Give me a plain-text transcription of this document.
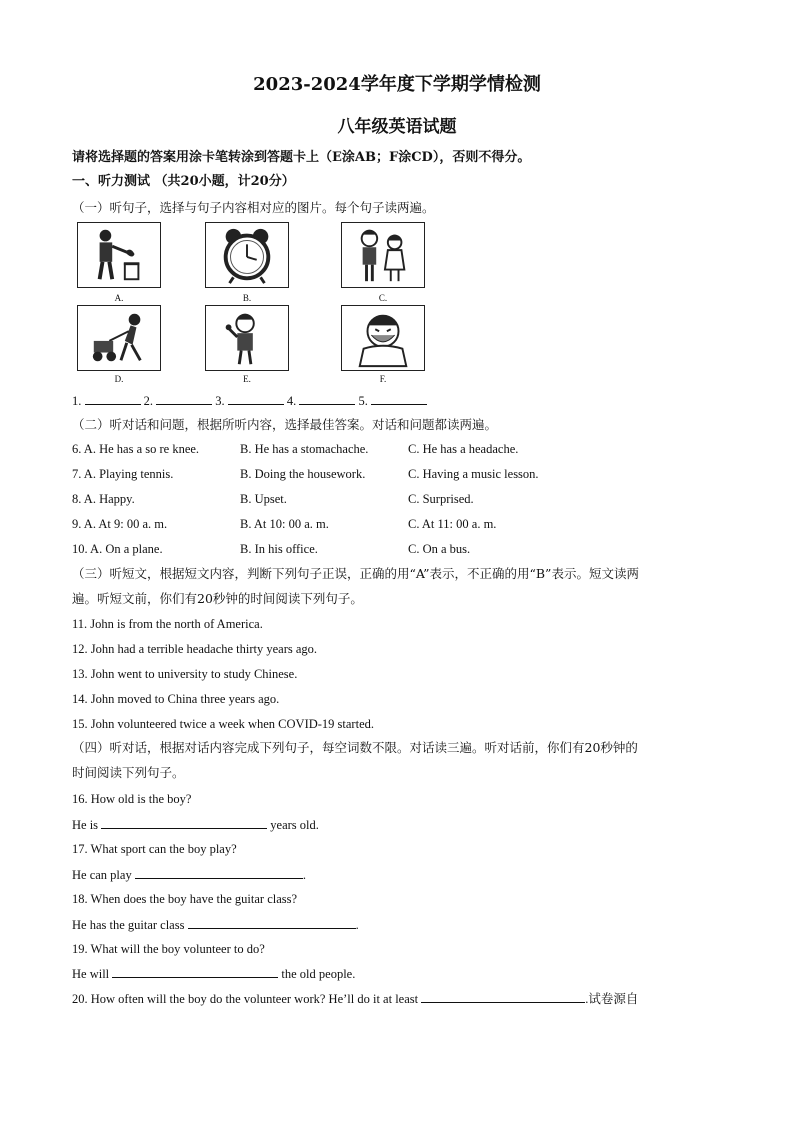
2023-2024学年度下学期学情检测
八年级英语试题
请将选择题的答案用涂卡笔转涂到答题卡上（E涂AB；F涂CD），否则不得分。
一、听力测试 （共20小题，计20分）
（一）听句子，选择与句子内容相对应的图片。每个句子读两遍。
A.	B.	C.
D.	E.	F.
1.	2.	3.	4.	5.
（二）听对话和问题，根据所听内容，选择最佳答案。对话和问题都读两遍。
6. A. He has a so re knee.	B. He has a stomachache.	C. He has a headache.
7. A. Playing tennis.	B. Doing the housework.	C. Having a music lesson.
8. A. Happy.	B. Upset.	C. Surprised.
9. A. At 9: 00 a. m.	B. At 10: 00 a. m.	C. At 11: 00 a. m.
10. A. On a plane.	B. In his office.	C. On a bus.
（三）听短文，根据短文内容，判断下列句子正误，正确的用“A”表示，不正确的用“B”表示。短文读两
遍。听短文前，你们有20秒钟的时间阅读下列句子。
11. John is from the north of America.
12. John had a terrible headache thirty years ago.
13. John went to university to study Chinese.
14. John moved to China three years ago.
15. John volunteered twice a week when COVID-19 started.
（四）听对话，根据对话内容完成下列句子，每空词数不限。对话读三遍。听对话前，你们有20秒钟的
时间阅读下列句子。
16. How old is the boy?
He is	years old.
17. What sport can the boy play?
He can play	.
18. When does the boy have the guitar class?
He has the guitar class	.
19. What will the boy volunteer to do?
He will	the old people.
20. How often will the boy do the volunteer work? He’ll do it at least	.试卷源自
